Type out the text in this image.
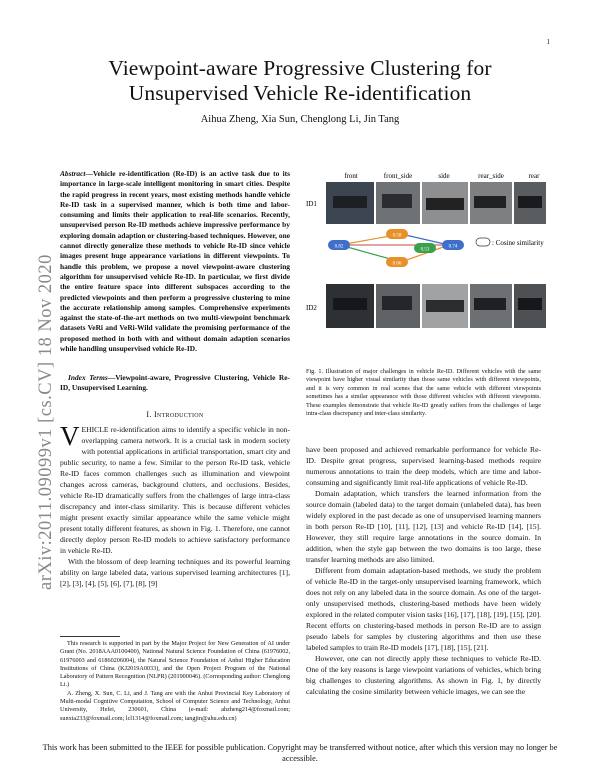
1
Viewpoint-aware Progressive Clustering for
Unsupervised Vehicle Re-identification
Aihua Zheng, Xia Sun, Chenglong Li, Jin Tang
arXiv:2011.09099v1 [cs.CV] 18 Nov 2020
Abstract—Vehicle re-identification (Re-ID) is an active task due to its importance in large-scale intelligent monitoring in smart cities. Despite the rapid progress in recent years, most existing methods handle vehicle Re-ID task in a supervised manner, which is both time and labor-consuming and limits their application to real-life scenarios. Recently, unsupervised person Re-ID methods achieve impressive performance by exploring domain adaption or clustering-based techniques. However, one cannot directly generalize these methods to vehicle Re-ID since vehicle images present huge appearance variations in different viewpoints. To handle this problem, we propose a novel viewpoint-aware clustering algorithm for unsupervised vehicle Re-ID. In particular, we first divide the entire feature space into different subspaces according to the predicted viewpoints and then perform a progressive clustering to mine the accurate relationship among samples. Comprehensive experiments against the state-of-the-art methods on two multi-viewpoint benchmark datasets VeRi and VeRi-Wild validate the promising performance of the proposed method in both with and without domain adaption scenarios while handling unsupervised vehicle Re-ID.
Index Terms—Viewpoint-aware, Progressive Clustering, Vehicle Re-ID, Unsupervised Learning.
I. Introduction

VEHICLE re-identification aims to identify a specific vehicle in non-overlapping camera network. It is a crucial task in modern society with potential applications in artificial transportation, smart city and public security, to name a few. Similar to the person Re-ID task, vehicle Re-ID faces common challenges such as illumination and viewpoint changes across cameras, background clutters, and occlusions. Besides, vehicle Re-ID dramatically suffers from the challenges of large intra-class discrepancy and inter-class similarity. This is because different vehicles might present exactly similar appearance while the same vehicle might present totally different features, as shown in Fig. 1. Therefore, one cannot directly deploy person Re-ID models to achieve satisfactory performance in vehicle Re-ID.

With the blossom of deep learning techniques and its powerful learning ability on large labeled data, various supervised learning architectures [1], [2], [3], [4], [5], [6], [7], [8], [9]

This research is supported in part by the Major Project for New Generation of AI under Grant (No. 2018AAA0100400), National Natural Science Foundation of China (61976002, 61976003 and 61860206004), the Natural Science Foundation of Anhui Higher Education Institutions of China (KJ2019A0033), and the Open Project Program of the National Laboratory of Pattern Recognition (NLPR) (201900046). (Corresponding author: Chenglong Li.)

A. Zheng, X. Sun, C. Li, and J. Tang are with the Anhui Provincial Key Laboratory of Multi-modal Cognitive Computation, School of Computer Science and Technology, Anhui University, Hefei, 230601, China (e-mail: ahzheng214@foxmail.com; sunxia233@foxmail.com; lcl1314@foxmail.com; tangjin@ahu.edu.cn)

front	front_side	side	rear_side	rear
ID1
ID2
0.82
0.58
0.66
0.53
0.74	: Cosine similarity
Fig. 1. Illustration of major challenges in vehicle Re-ID. Different vehicles with the same viewpoint have higher visual similarity than those same vehicles with different viewpoints, and it is very common in real scenes that the same vehicle with different viewpoints sometimes has a similar appearance with those different vehicles with different viewpoints. These examples demonstrate that vehicle Re-ID greatly suffers from the challenges of large intra-class discrepancy and inter-class similarity.

have been proposed and achieved remarkable performance for vehicle Re-ID. Despite great progress, supervised learning-based methods require numerous annotations to train the deep models, which are time and labor-consuming and significantly limit real-life applications of vehicle Re-ID.

Domain adaptation, which transfers the learned information from the source domain (labeled data) to the target domain (unlabeled data), has been widely explored in the past decade as one of unsupervised learning manners in both person Re-ID [10], [11], [12], [13] and vehicle Re-ID [14], [15]. However, they still require large annotations in the source domain. In addition, when the style gap between the two domains is too large, these transfer learning methods are also limited.

Different from domain adaptation-based methods, we study the problem of vehicle Re-ID in the target-only unsupervised learning framework, which does not rely on any labeled data in the source domain. As one of the target-only unsupervised methods, clustering-based methods have been widely explored in the related computer vision tasks [16], [17], [18], [19], [15], [20]. Recent efforts on clustering-based methods in person Re-ID are to assign pseudo labels for samples by clustering algorithms and then use these labeled samples to train Re-ID models [17], [18], [15], [21].

However, one can not directly apply these techniques to vehicle Re-ID. One of the key reasons is large viewpoint variations of vehicles, which bring big challenges to clustering algorithms. As shown in Fig. 1, by directly calculating the cosine similarity between vehicle images, we can see the

This work has been submitted to the IEEE for possible publication. Copyright may be transferred without notice, after which this version may no longer be accessible.
